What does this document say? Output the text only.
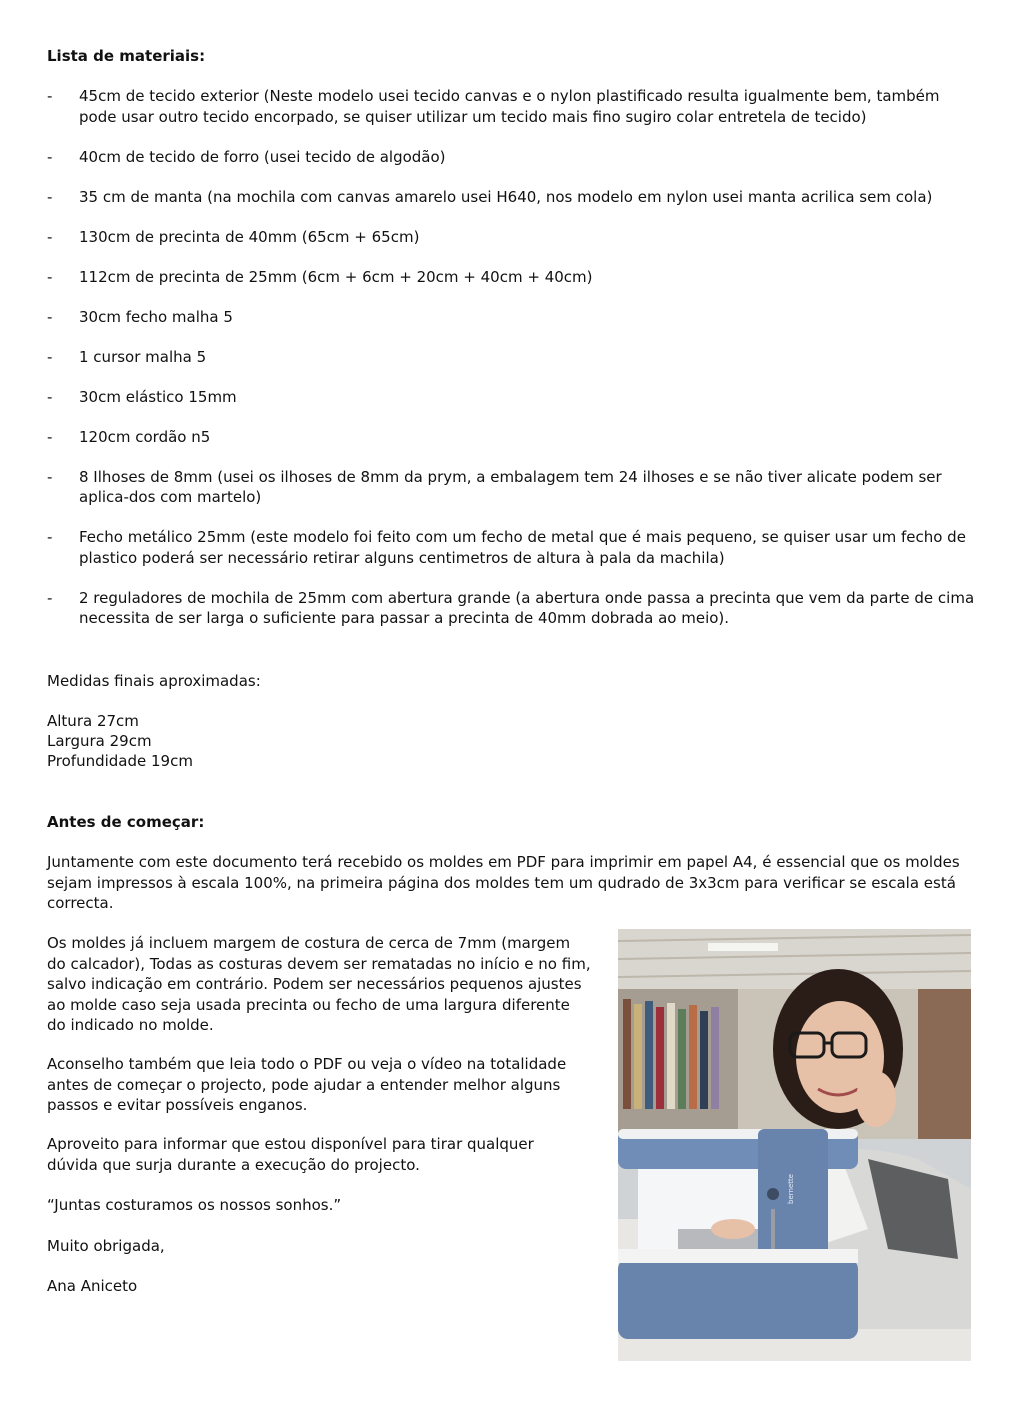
Lista de materiais:
- 45cm de tecido exterior (Neste modelo usei tecido canvas e o nylon plastificado resulta igualmente bem, também pode usar outro tecido encorpado, se quiser utilizar um tecido mais fino sugiro colar entretela de tecido)
- 40cm de tecido de forro (usei tecido de algodão)
- 35 cm de manta (na mochila com canvas amarelo usei H640, nos modelo em nylon usei manta acrilica sem cola)
- 130cm de precinta de 40mm (65cm + 65cm)
- 112cm de precinta de 25mm (6cm + 6cm + 20cm + 40cm + 40cm)
- 30cm fecho malha 5
- 1 cursor malha 5
- 30cm elástico 15mm
- 120cm cordão n5
- 8 Ilhoses de 8mm (usei os ilhoses de 8mm da prym, a embalagem tem 24 ilhoses e se não tiver alicate podem ser aplica-dos com martelo)
- Fecho metálico 25mm (este modelo foi feito com um fecho de metal que é mais pequeno, se quiser usar um fecho de plastico poderá ser necessário retirar alguns centimetros de altura à pala da machila)
- 2 reguladores de mochila de 25mm com abertura grande (a abertura onde passa a precinta que vem da parte de cima necessita de ser larga o suficiente para passar a precinta de 40mm dobrada ao meio).
Medidas finais aproximadas:
Altura 27cm
Largura 29cm
Profundidade 19cm
Antes de começar:
Juntamente com este documento terá recebido os moldes em PDF para imprimir em papel A4, é essencial que os moldes sejam impressos à escala 100%, na primeira página dos moldes tem um qudrado de 3x3cm para verificar se escala está correcta.
Os moldes já incluem margem de costura de cerca de 7mm (margem do calcador), Todas as costuras devem ser rematadas no início e no fim, salvo indicação em contrário. Podem ser necessários pequenos ajustes ao molde caso seja usada precinta ou fecho de uma largura diferente do indicado no molde.
Aconselho também que leia todo o PDF ou veja o vídeo na totalidade antes de começar o projecto, pode ajudar a entender melhor alguns passos e evitar possíveis enganos.
Aproveito para informar que estou disponível para tirar qualquer dúvida que surja durante a execução do projecto.
“Juntas costuramos os nossos sonhos.”
Muito obrigada,
Ana Aniceto
bernette
